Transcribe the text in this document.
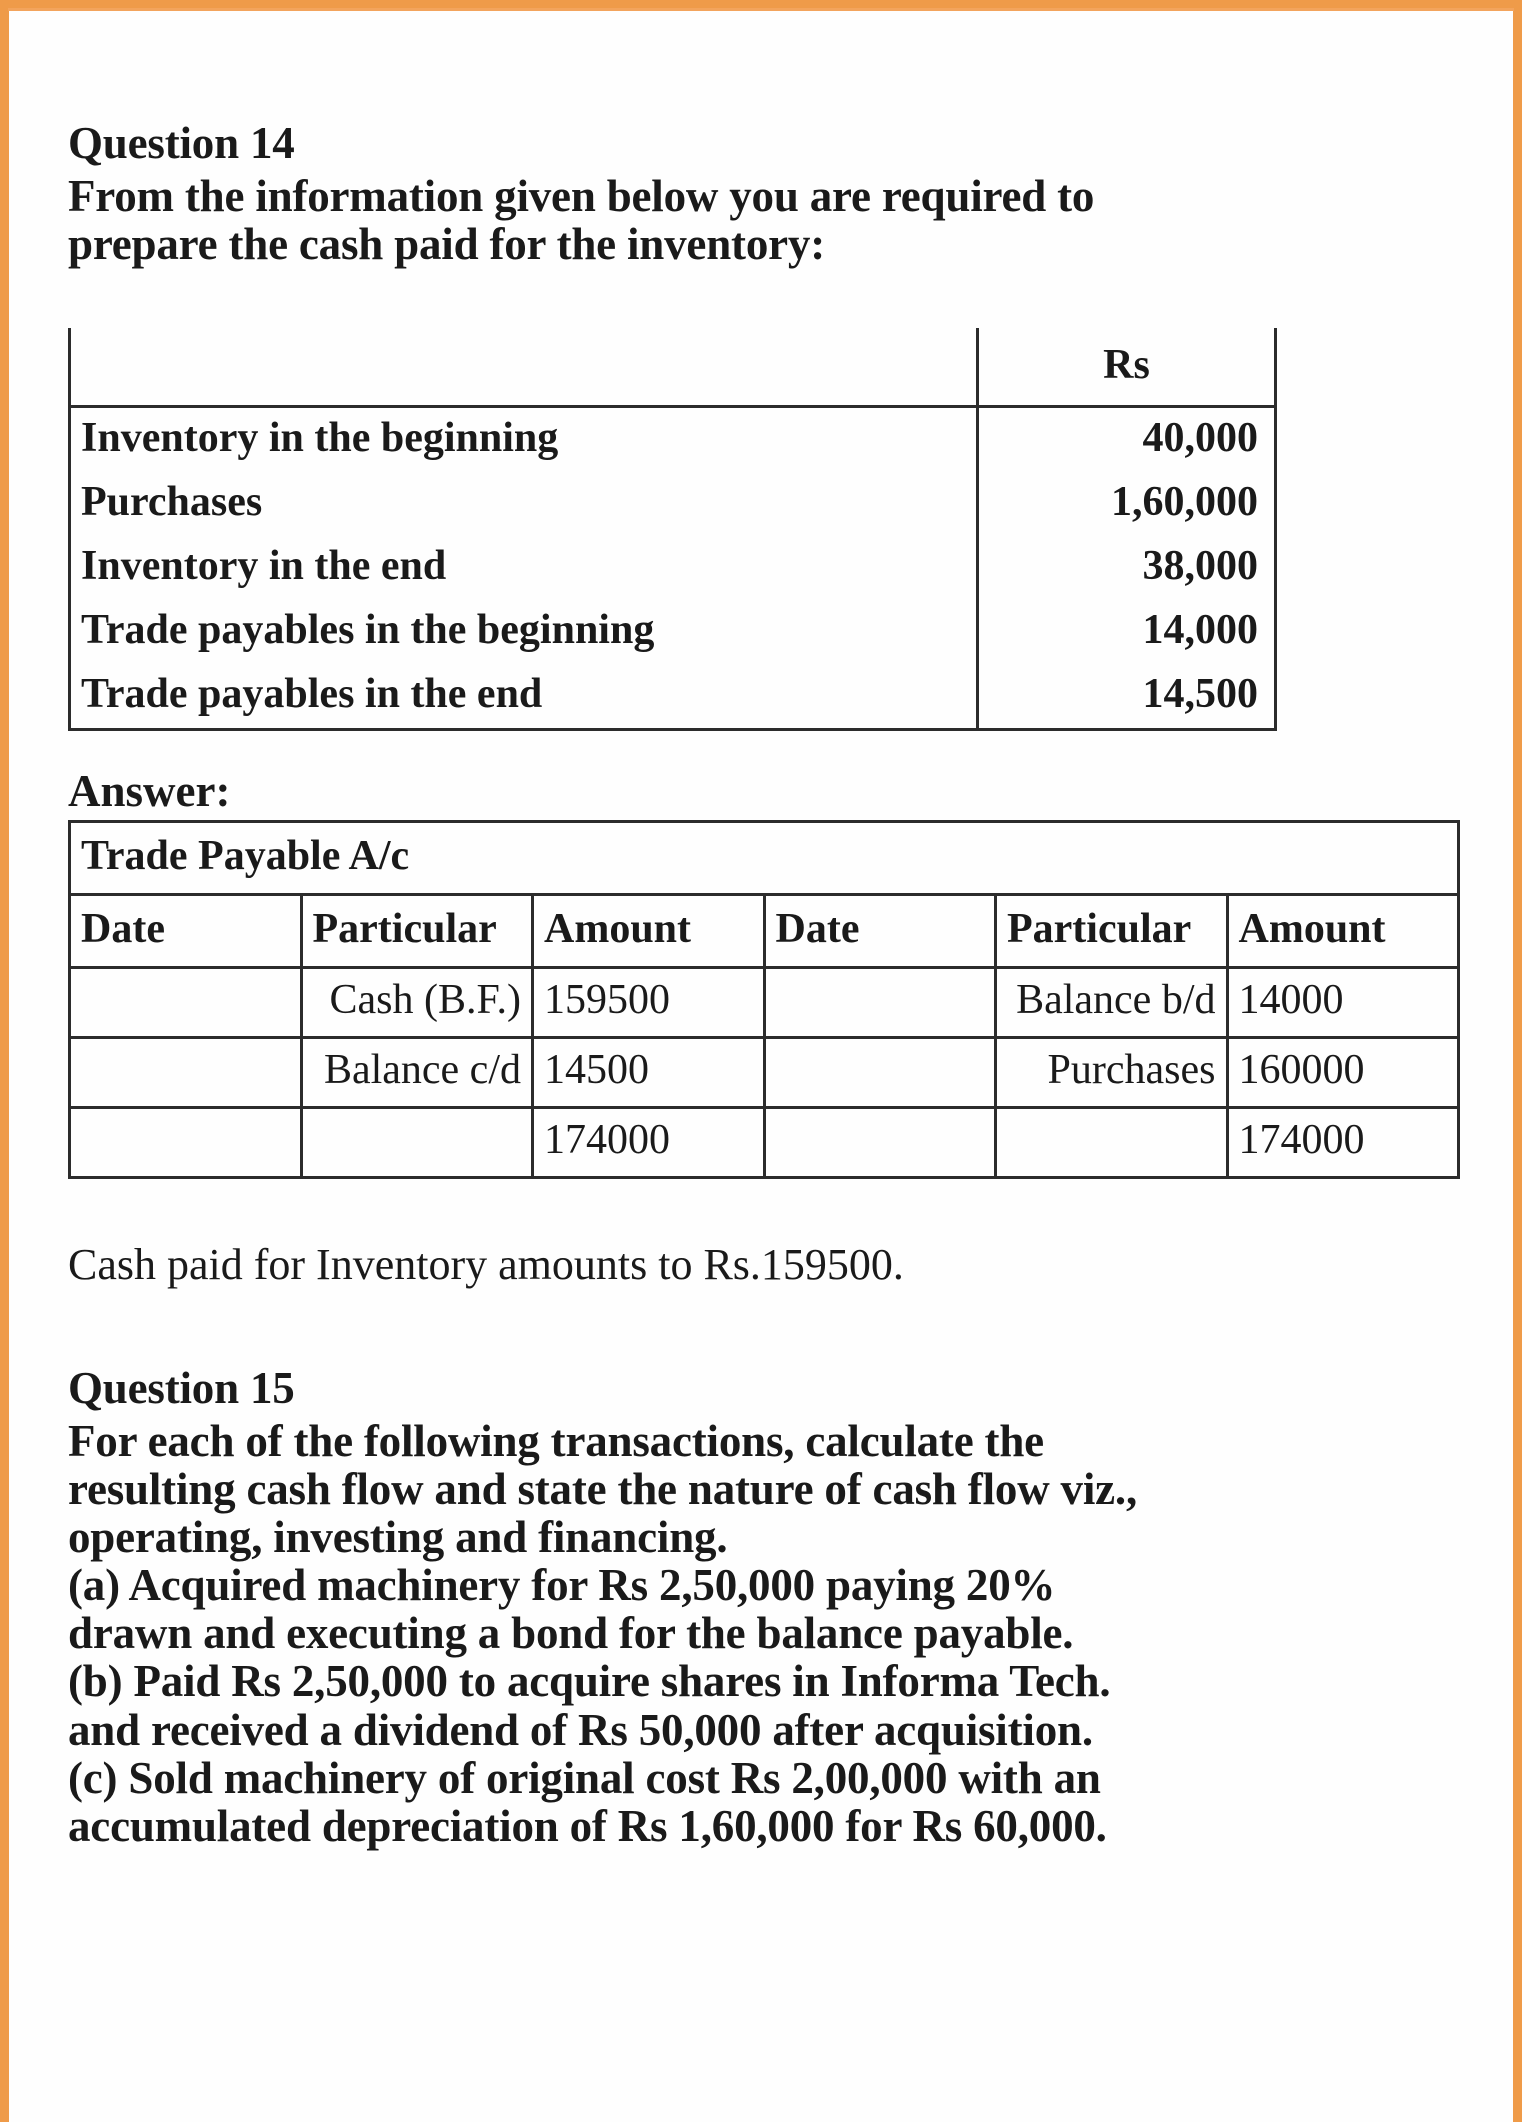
Question 14
From the information given below you are required to
prepare the cash paid for the inventory:
	Rs
Inventory in the beginning	40,000
Purchases	1,60,000
Inventory in the end	38,000
Trade payables in the beginning	14,000
Trade payables in the end	14,500
Answer:
Trade Payable A/c					
Date	Particular	Amount	Date	Particular	Amount
	Cash (B.F.)	159500		Balance b/d	14000
	Balance c/d	14500		Purchases	160000
		174000			174000
Cash paid for Inventory amounts to Rs.159500.
Question 15
For each of the following transactions, calculate the
resulting cash flow and state the nature of cash flow viz.,
operating, investing and financing.
(a) Acquired machinery for Rs 2,50,000 paying 20%
drawn and executing a bond for the balance payable.
(b) Paid Rs 2,50,000 to acquire shares in Informa Tech.
and received a dividend of Rs 50,000 after acquisition.
(c) Sold machinery of original cost Rs 2,00,000 with an
accumulated depreciation of Rs 1,60,000 for Rs 60,000.
